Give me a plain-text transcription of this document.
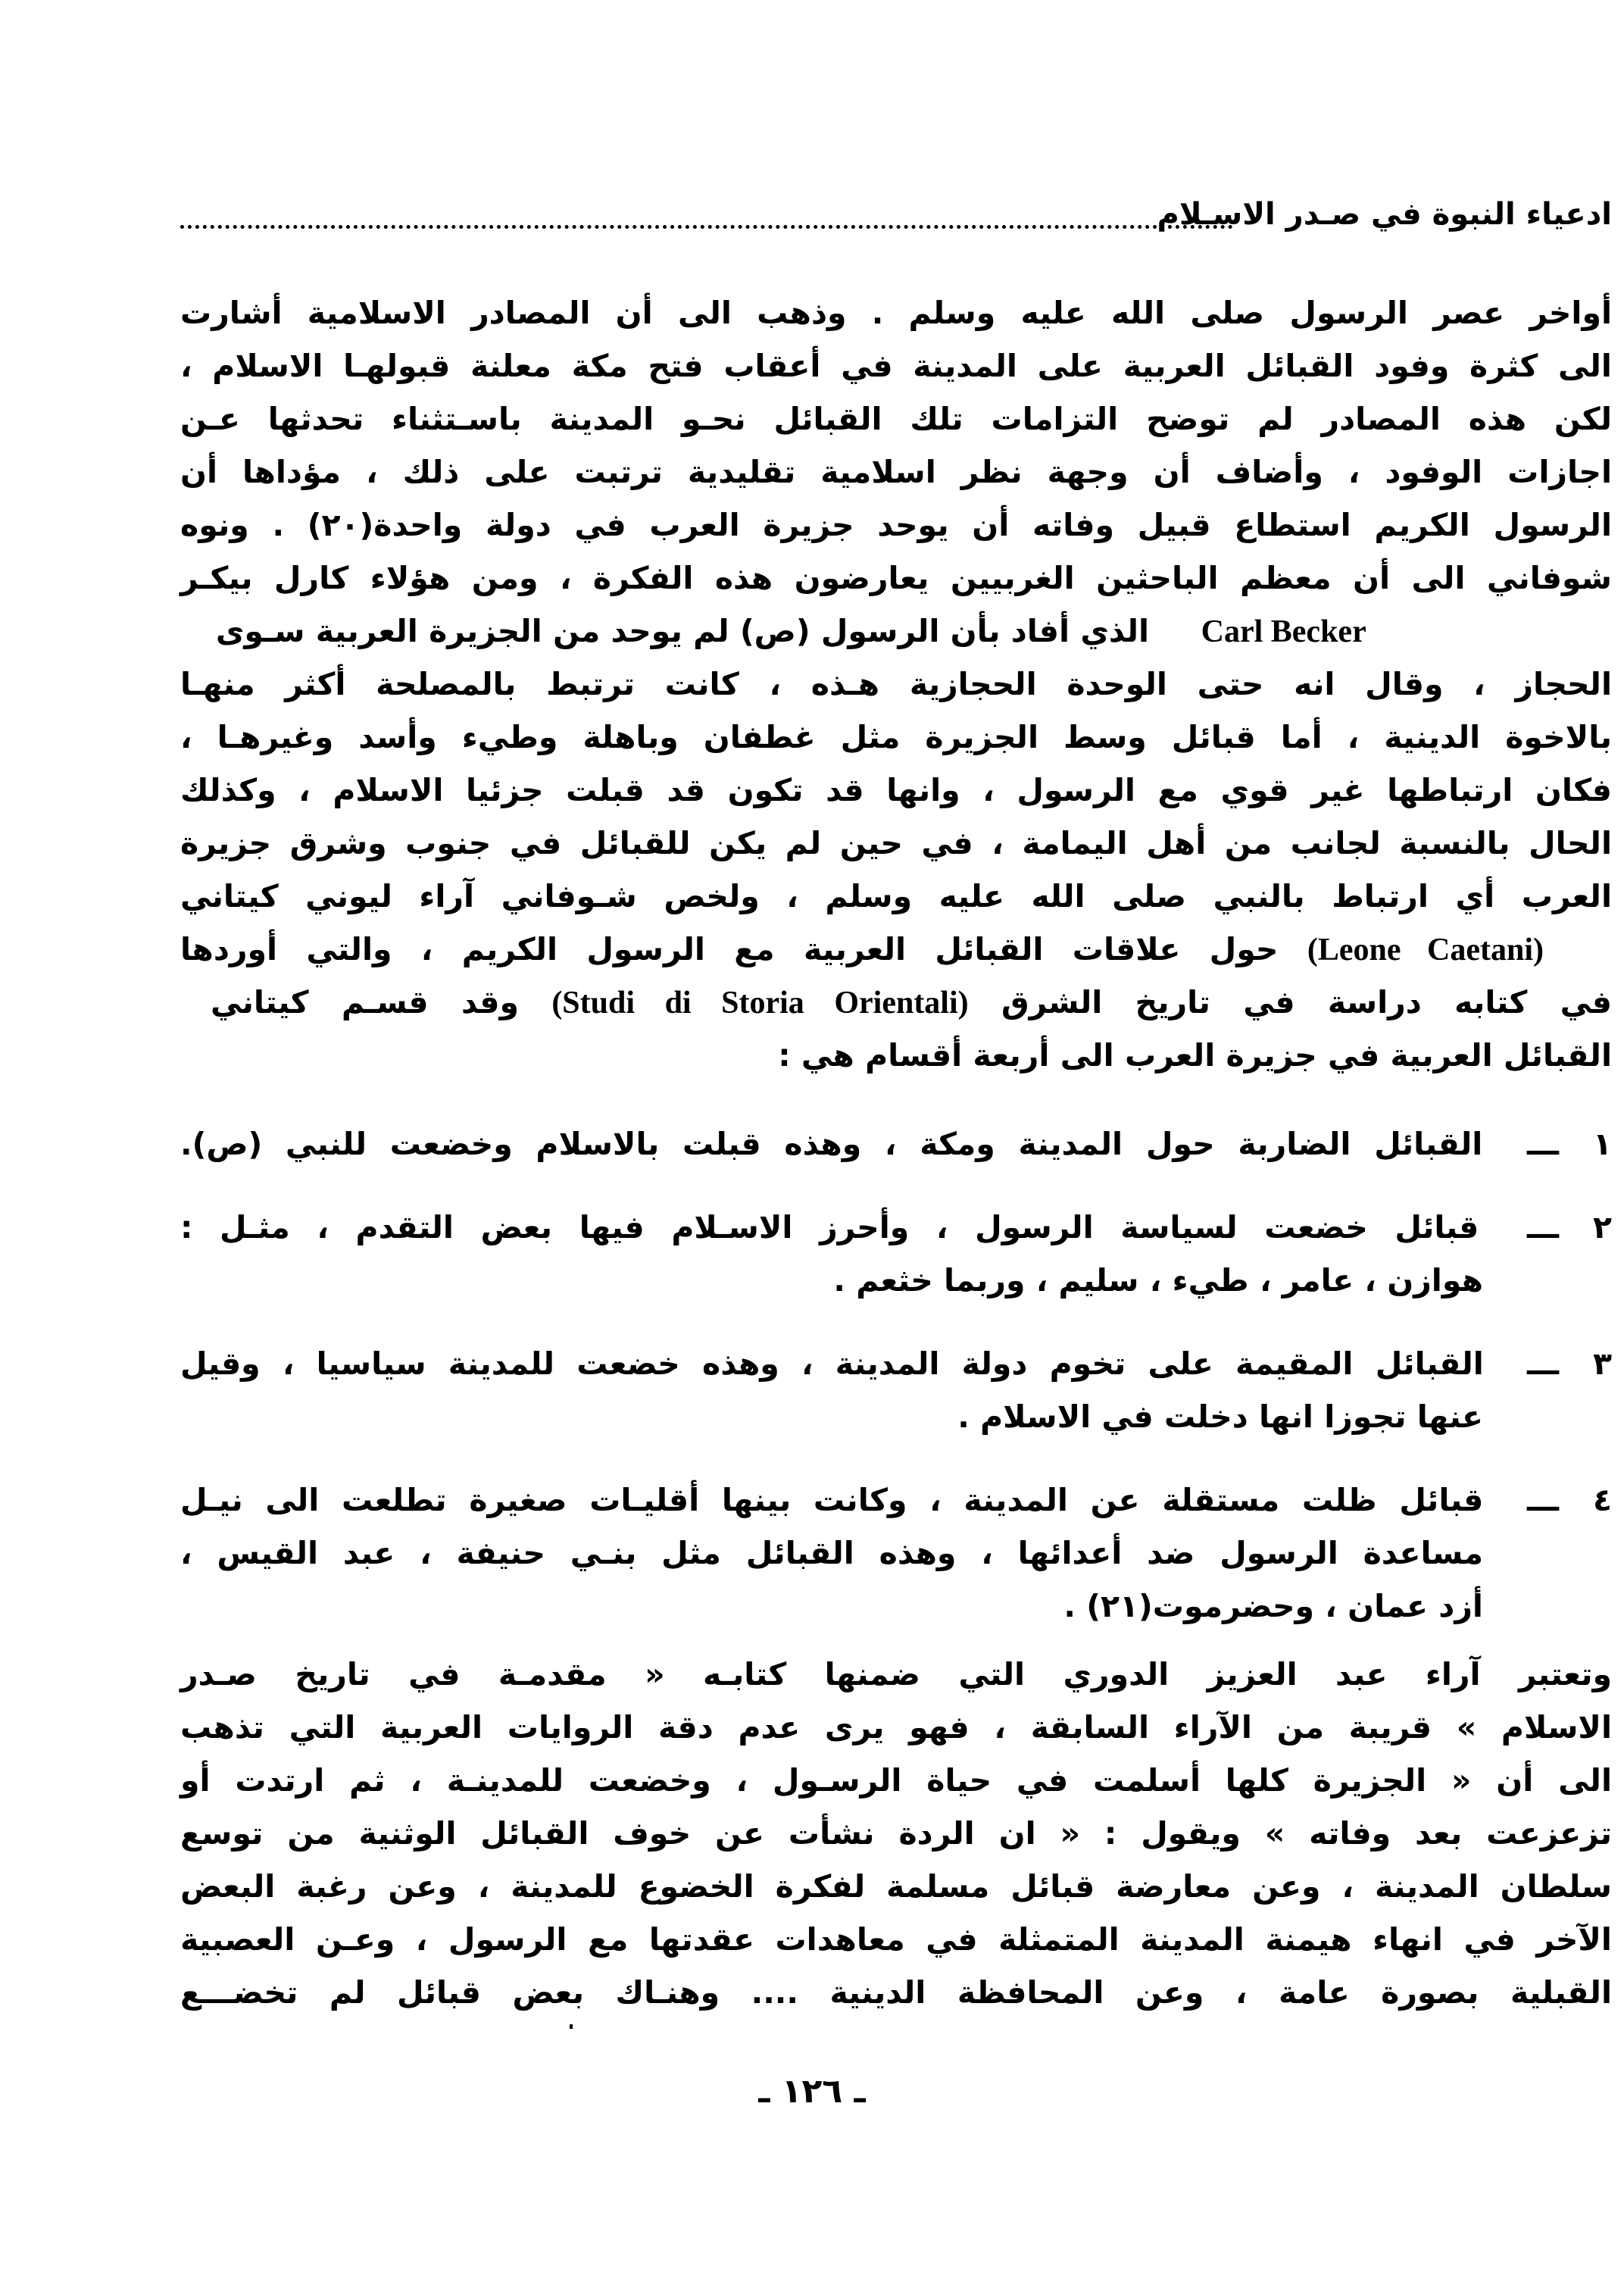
ادعياء النبوة في صـدر الاسـلام
أواخر عصر الرسول صلى الله عليه وسلم . وذهب الى أن المصادر الاسلامية أشارت
الى كثرة وفود القبائل العربية على المدينة في أعقاب فتح مكة معلنة قبولهـا الاسلام ،
لكن هذه المصادر لم توضح التزامات تلك القبائل نحـو المدينة باسـتثناء تحدثها عـن
اجازات الوفود ، وأضاف أن وجهة نظر اسلامية تقليدية ترتبت على ذلك ، مؤداها أن
الرسول الكريم استطاع قبيل وفاته أن يوحد جزيرة العرب في دولة واحدة(٢٠) . ونوه
شوفاني الى أن معظم الباحثين الغربيين يعارضون هذه الفكرة ، ومن هؤلاء كارل بيكـر
Carl Becker  الذي أفاد بأن الرسول (ص) لم يوحد من الجزيرة العربية سـوى
الحجاز ، وقال انه حتى الوحدة الحجازية هـذه ، كانت ترتبط بالمصلحة أكثر منهـا
بالاخوة الدينية ، أما قبائل وسط الجزيرة مثل غطفان وباهلة وطيء وأسد وغيرهـا ،
فكان ارتباطها غير قوي مع الرسول ، وانها قد تكون قد قبلت جزئيا الاسلام ، وكذلك
الحال بالنسبة لجانب من أهل اليمامة ، في حين لم يكن للقبائل في جنوب وشرق جزيرة
العرب أي ارتباط بالنبي صلى الله عليه وسلم ، ولخص شـوفاني آراء ليوني كيتاني
(Leone Caetani) حول علاقات القبائل العربية مع الرسول الكريم ، والتي أوردها
في كتابه دراسة في تاريخ الشرق (Studi di Storia Orientali) وقد قسـم كيتاني
القبائل العربية في جزيرة العرب الى أربعة أقسام هي :
١ـــ القبائل الضاربة حول المدينة ومكة ، وهذه قبلت بالاسلام وخضعت للنبي (ص).
٢ـــ قبائل خضعت لسياسة الرسول ، وأحرز الاسـلام فيها بعض التقدم ، مثـل :
هوازن ، عامر ، طيء ، سليم ، وربما خثعم .
٣ـــ القبائل المقيمة على تخوم دولة المدينة ، وهذه خضعت للمدينة سياسيا ، وقيل
عنها تجوزا انها دخلت في الاسلام .
٤ـــ قبائل ظلت مستقلة عن المدينة ، وكانت بينها أقليـات صغيرة تطلعت الى نيـل
مساعدة الرسول ضد أعدائها ، وهذه القبائل مثل بنـي حنيفة ، عبد القيس ،
أزد عمان ، وحضرموت(٢١) .
وتعتبر آراء عبد العزيز الدوري التي ضمنها كتابـه « مقدمـة في تاريخ صـدر
الاسلام » قريبة من الآراء السابقة ، فهو يرى عدم دقة الروايات العربية التي تذهب
الى أن « الجزيرة كلها أسلمت في حياة الرسـول ، وخضعت للمدينـة ، ثم ارتدت أو
تزعزعت بعد وفاته » ويقول : « ان الردة نشأت عن خوف القبائل الوثنية من توسع
سلطان المدينة ، وعن معارضة قبائل مسلمة لفكرة الخضوع للمدينة ، وعن رغبة البعض
الآخر في انهاء هيمنة المدينة المتمثلة في معاهدات عقدتها مع الرسول ، وعـن العصبية
القبلية بصورة عامة ، وعن المحافظة الدينية .... وهنـاك بعض قبائل لم تخضـــع
ـ ١٢٦ ـ
